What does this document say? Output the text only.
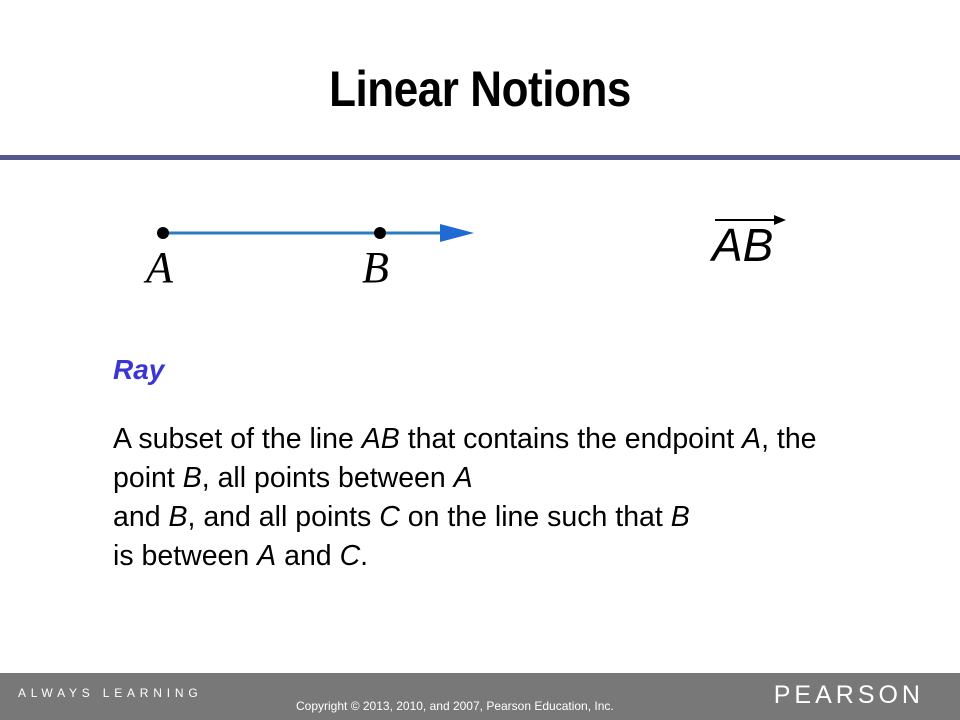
Linear Notions
A	B	AB
Ray
A subset of the line AB that contains the endpoint A, the point B, all points between A
and B, and all points C on the line such that B
is between A and C.
ALWAYS LEARNING
Copyright © 2013, 2010, and 2007, Pearson Education, Inc.	PEARSON
